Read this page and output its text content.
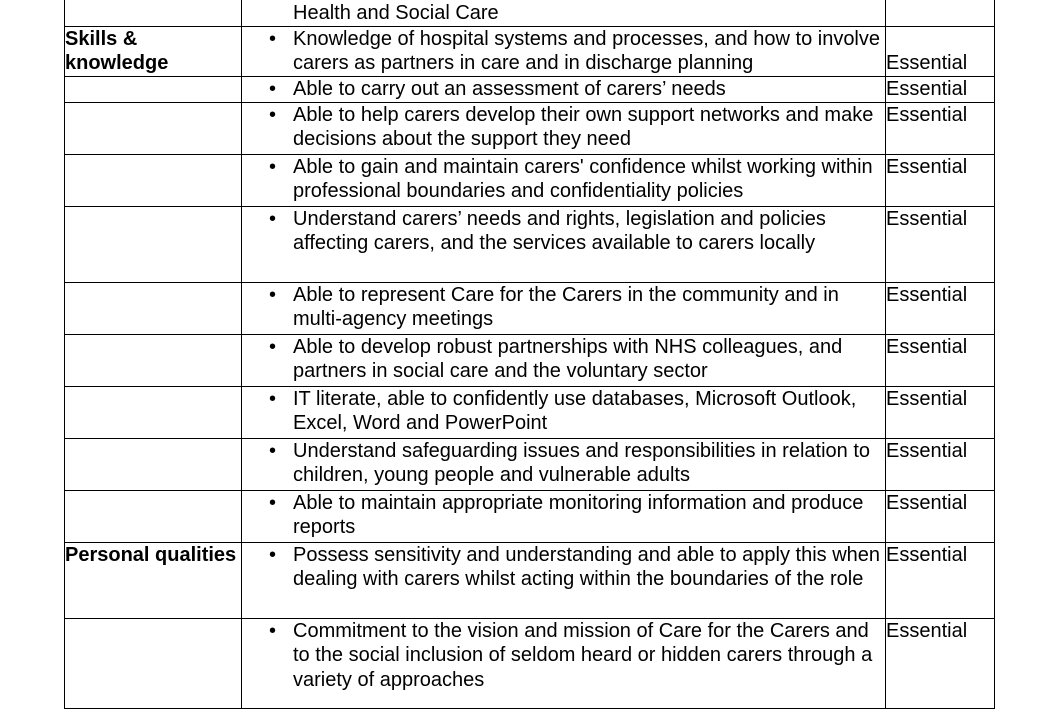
	Health and Social Care	

Skills & knowledge	• Knowledge of hospital systems and processes, and how to involve carers as partners in care and in discharge planning	Essential

	• Able to carry out an assessment of carers’ needs	Essential

	• Able to help carers develop their own support networks and make decisions about the support they need	Essential

	• Able to gain and maintain carers' confidence whilst working within professional boundaries and confidentiality policies	Essential

	• Understand carers’ needs and rights, legislation and policies affecting carers, and the services available to carers locally	Essential

	• Able to represent Care for the Carers in the community and in multi-agency meetings	Essential

	• Able to develop robust partnerships with NHS colleagues, and partners in social care and the voluntary sector	Essential

	• IT literate, able to confidently use databases, Microsoft Outlook, Excel, Word and PowerPoint	Essential

	• Understand safeguarding issues and responsibilities in relation to children, young people and vulnerable adults	Essential

	• Able to maintain appropriate monitoring information and produce reports	Essential
Personal qualities	• Possess sensitivity and understanding and able to apply this when dealing with carers whilst acting within the boundaries of the role	Essential

	• Commitment to the vision and mission of Care for the Carers and to the social inclusion of seldom heard or hidden carers through a variety of approaches	Essential
